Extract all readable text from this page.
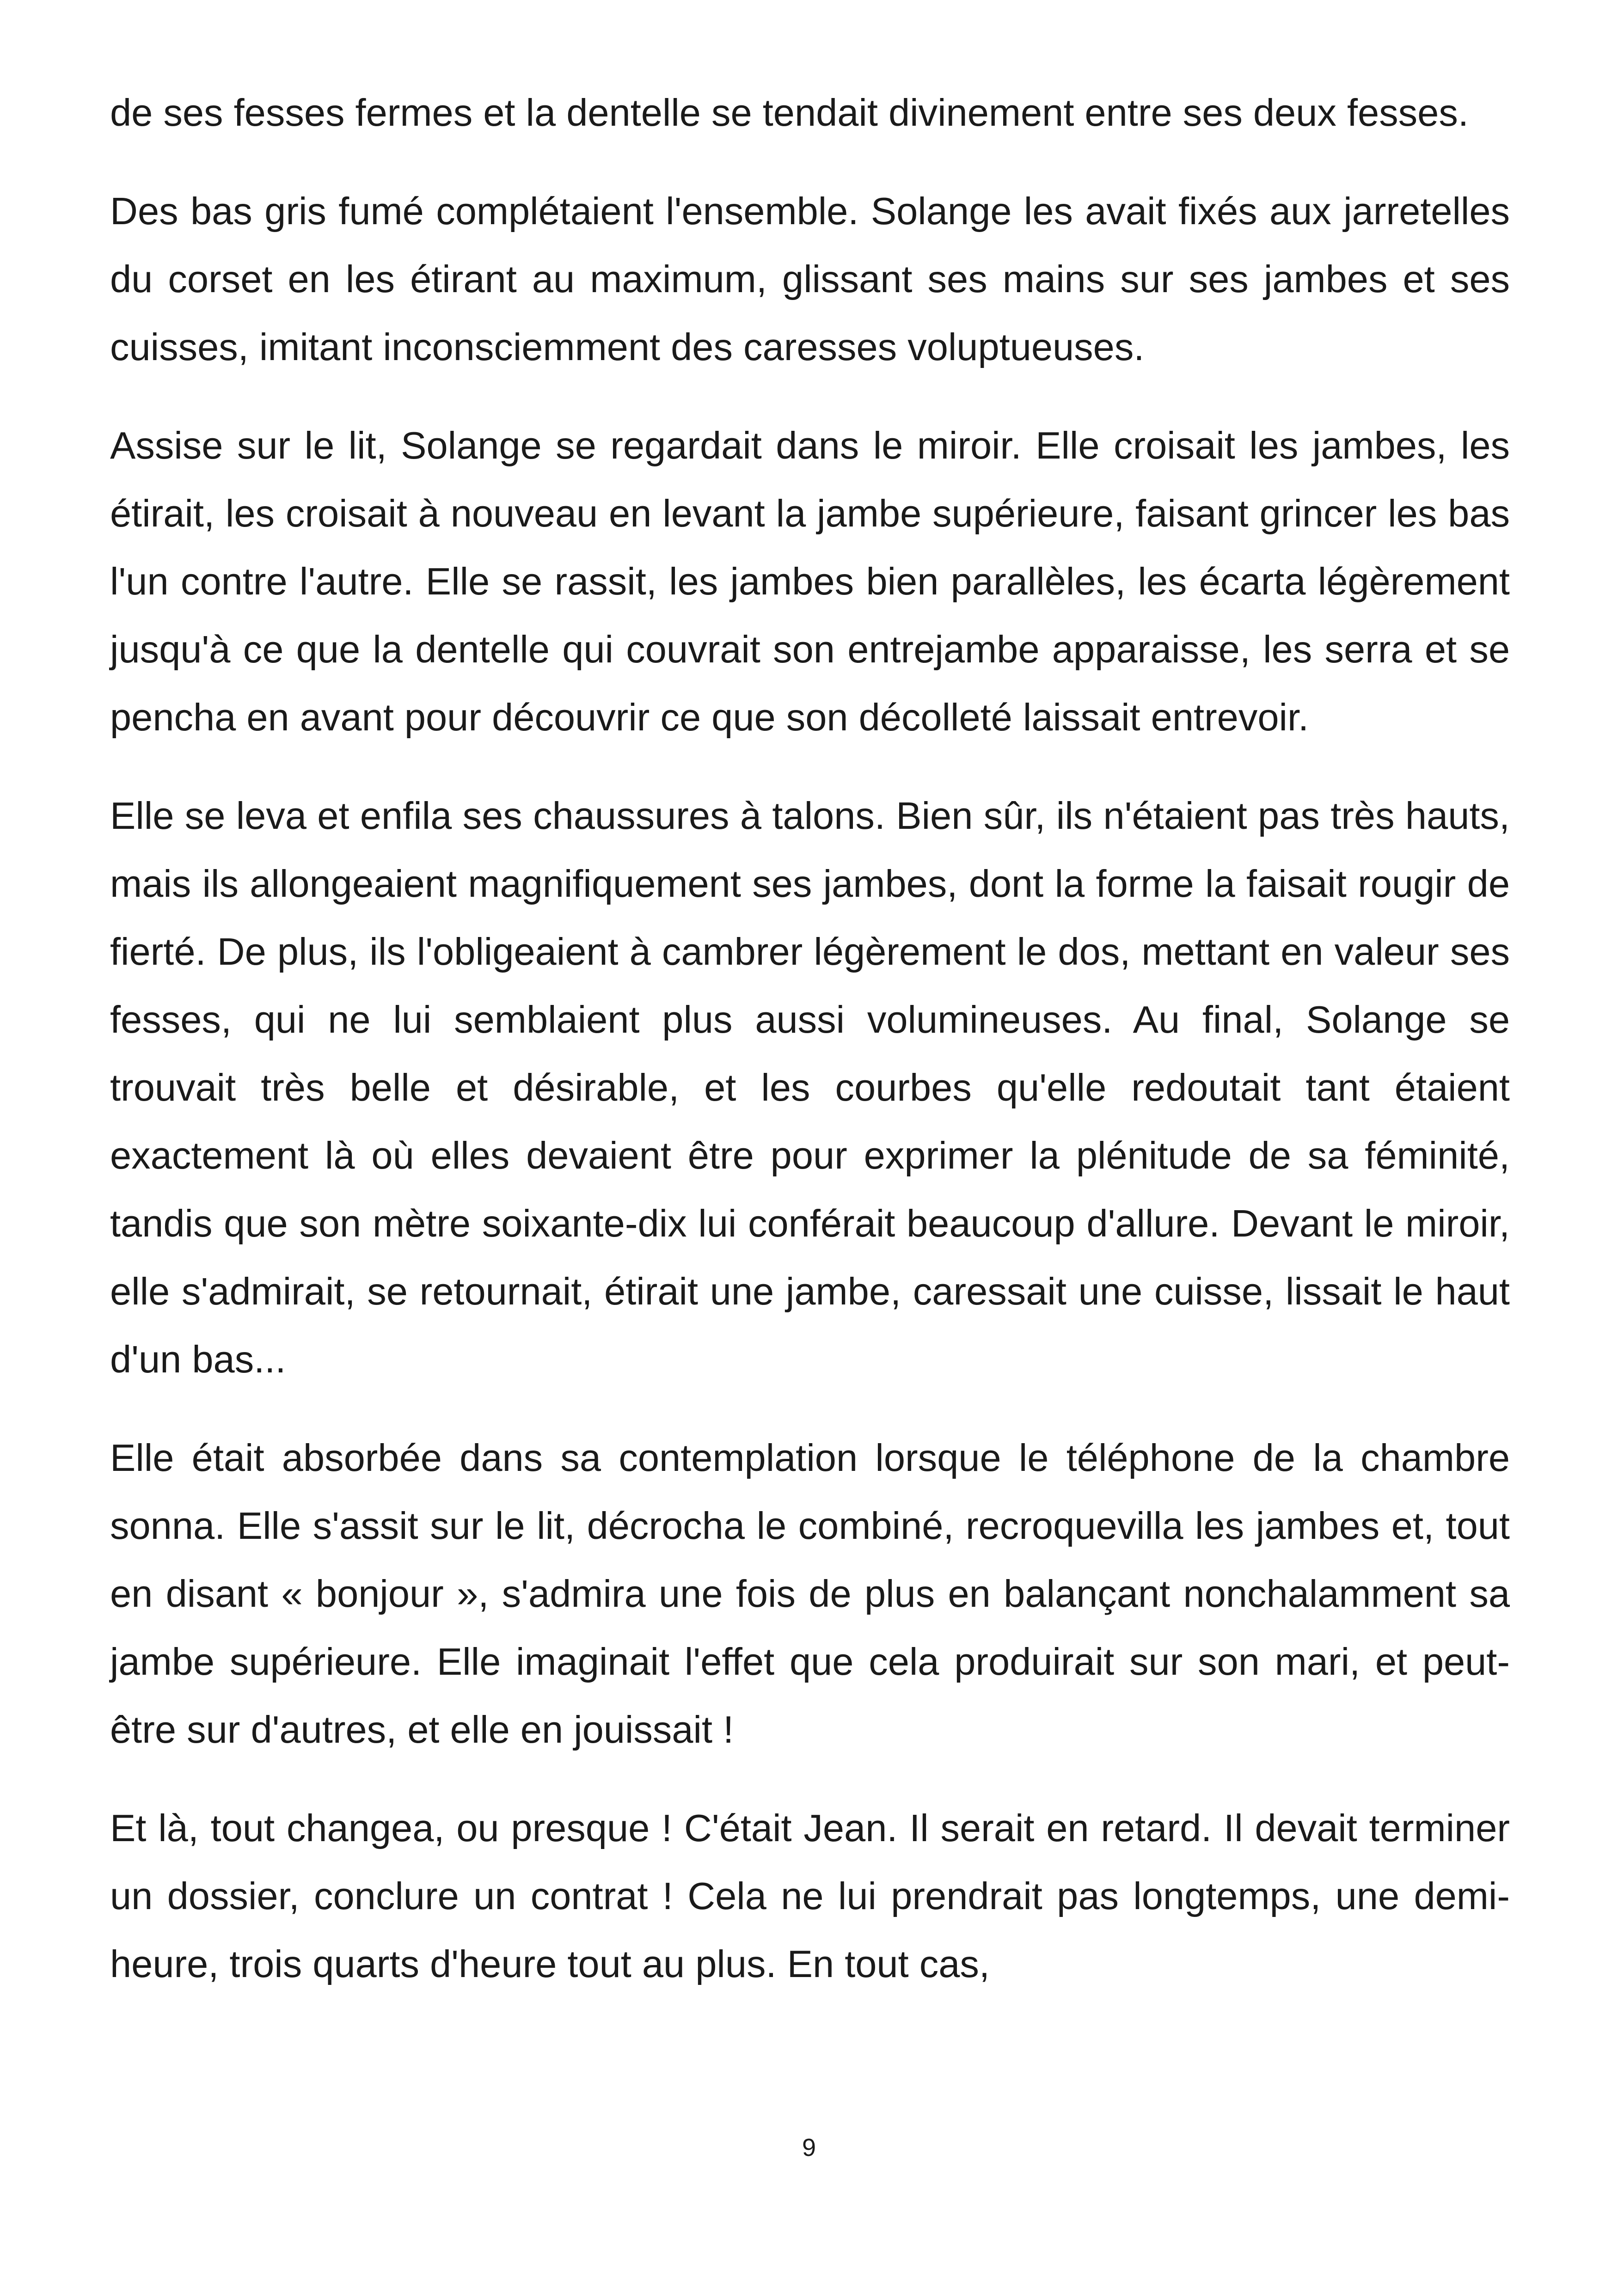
de ses fesses fermes et la dentelle se tendait divinement entre ses deux fesses.

Des bas gris fumé complétaient l'ensemble. Solange les avait fixés aux jarretelles du corset en les étirant au maximum, glissant ses mains sur ses jambes et ses cuisses, imitant inconsciemment des caresses voluptueuses.

Assise sur le lit, Solange se regardait dans le miroir. Elle croisait les jambes, les étirait, les croisait à nouveau en levant la jambe supérieure, faisant grincer les bas l'un contre l'autre. Elle se rassit, les jambes bien parallèles, les écarta légèrement jusqu'à ce que la dentelle qui couvrait son entrejambe apparaisse, les serra et se pencha en avant pour découvrir ce que son décolleté laissait entrevoir.

Elle se leva et enfila ses chaussures à talons. Bien sûr, ils n'étaient pas très hauts, mais ils allongeaient magnifiquement ses jambes, dont la forme la faisait rougir de fierté. De plus, ils l'obligeaient à cambrer légèrement le dos, mettant en valeur ses fesses, qui ne lui semblaient plus aussi volumineuses. Au final, Solange se trouvait très belle et désirable, et les courbes qu'elle redoutait tant étaient exactement là où elles devaient être pour exprimer la plénitude de sa féminité, tandis que son mètre soixante-dix lui conférait beaucoup d'allure. Devant le miroir, elle s'admirait, se retournait, étirait une jambe, caressait une cuisse, lissait le haut d'un bas...

Elle était absorbée dans sa contemplation lorsque le téléphone de la chambre sonna. Elle s'assit sur le lit, décrocha le combiné, recroquevilla les jambes et, tout en disant « bonjour », s'admira une fois de plus en balançant nonchalamment sa jambe supérieure. Elle imaginait l'effet que cela produirait sur son mari, et peut-être sur d'autres, et elle en jouissait !

Et là, tout changea, ou presque ! C'était Jean. Il serait en retard. Il devait terminer un dossier, conclure un contrat ! Cela ne lui prendrait pas longtemps, une demi-heure, trois quarts d'heure tout au plus. En tout cas,

9
